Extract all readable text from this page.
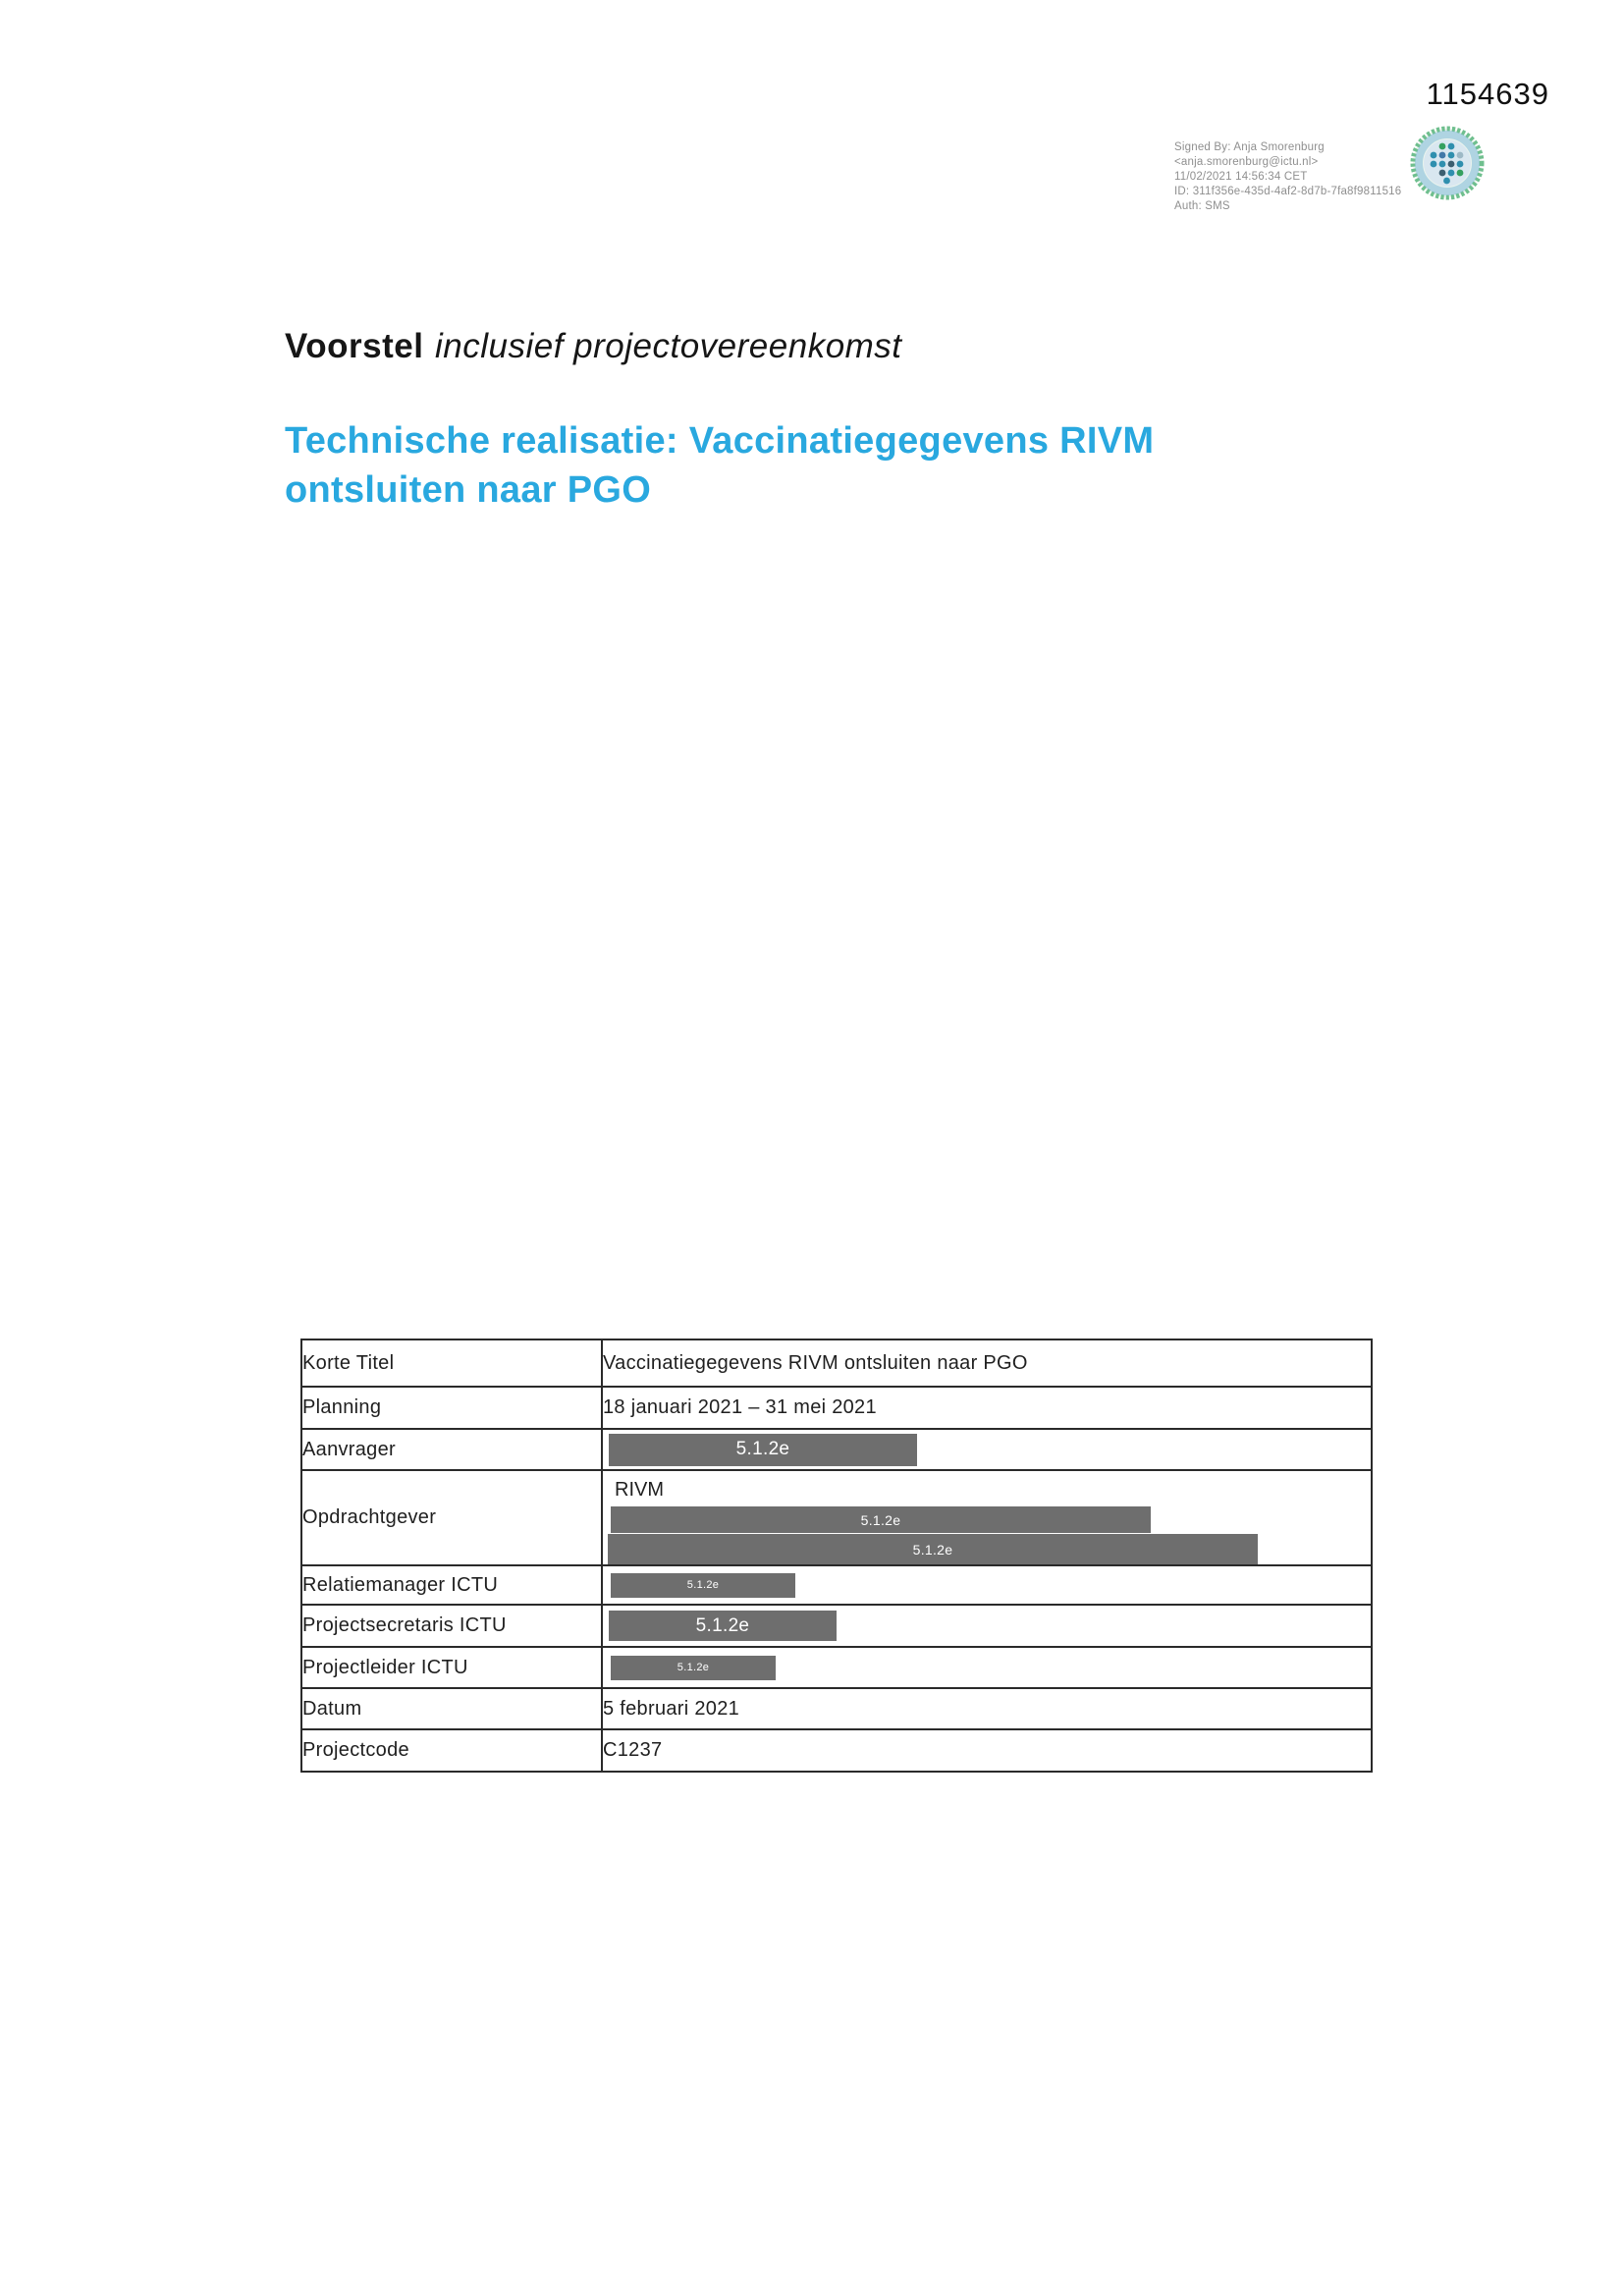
1154639
Signed By: Anja Smorenburg <anja.smorenburg@ictu.nl>
11/02/2021 14:56:34 CET
ID: 311f356e-435d-4af2-8d7b-7fa8f9811516
Auth: SMS
Voorstel inclusief projectovereenkomst
Technische realisatie: Vaccinatiegegevens RIVM ontsluiten naar PGO
Korte Titel	Vaccinatiegegevens RIVM ontsluiten naar PGO
Planning	18 januari 2021 – 31 mei 2021
Aanvrager	5.1.2e

Opdrachtgever	RIVM
5.1.2e
5.1.2e

Relatiemanager ICTU	5.1.2e

Projectsecretaris ICTU	5.1.2e

Projectleider ICTU	5.1.2e

Datum	5 februari 2021
Projectcode	C1237
